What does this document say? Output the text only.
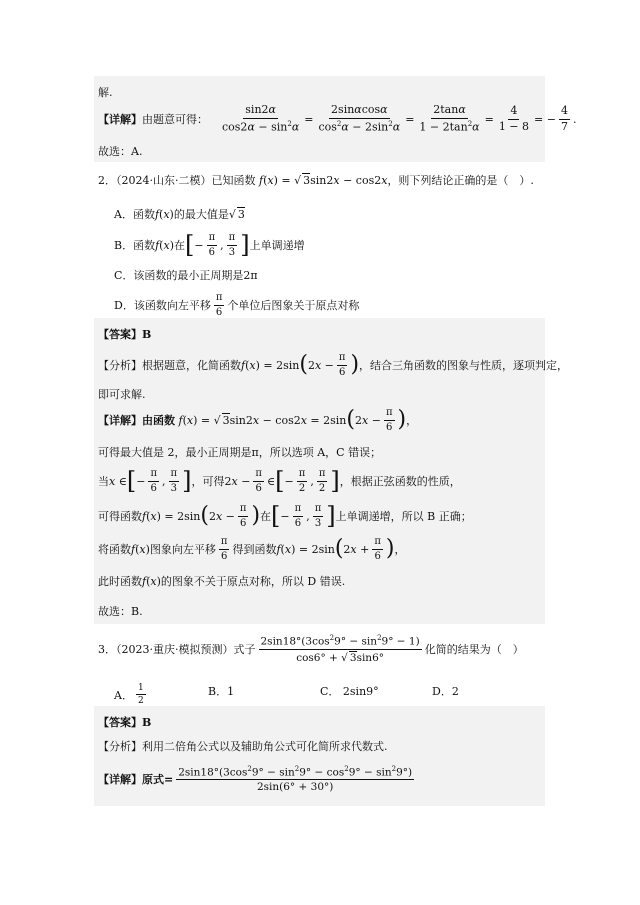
解.
【详解】 由题意可得： $\frac{\sin 2\alpha}{\cos 2\alpha - \sin^2\alpha} = \frac{2\sin\alpha\cos\alpha}{\cos^2\alpha - 2\sin^2\alpha} = \frac{2\tan\alpha}{1 - 2\tan^2\alpha} = \frac{4}{1 - 8}$ = − $\frac{4}{7}$ .
故选：A.
2．（2024·山东·二模）已知函数 f(x) = √ 3sin2x − cos2x ，则下列结论正确的是（　）.
A．函数 f(x) 的最大值是 √ 3
B．函数 f(x) 在 [ − $\frac{\pi}{6}$ , $\frac{\pi}{3}$ ] 上单调递增
C．该函数的最小正周期是2π
D．该函数向左平移 $\frac{\pi}{6}$ 个单位后图象关于原点对称
【答案】B
【分析】根据题意，化简函数 f(x) = 2sin ( $2x - \frac{\pi}{6}$ ) ，结合三角函数的图象与性质，逐项判定，
即可求解.
【详解】由函数 f(x) = √ 3sin2x − cos2x = 2sin ( $2x - \frac{\pi}{6}$ ) ，
可得最大值是 2，最小正周期是π，所以选项 A，C 错误；
当 x ∈ [ − $\frac{\pi}{6}$ , $\frac{\pi}{3}$ ] ，可得 $2x - \frac{\pi}{6}$ ∈ [ − $\frac{\pi}{2}$ , $\frac{\pi}{2}$ ] ，根据正弦函数的性质，
可得函数 f(x) = 2sin ( $2x - \frac{\pi}{6}$ ) 在 [ − $\frac{\pi}{6}$ , $\frac{\pi}{3}$ ] 上单调递增，所以 B 正确；
将函数 f(x) 图象向左平移 $\frac{\pi}{6}$ 得到函数 f(x) = 2sin ( $2x + \frac{\pi}{6}$ ) ，
此时函数 f(x) 的图象不关于原点对称，所以 D 错误.
故选：B.
3．（2023·重庆·模拟预测）式子 $\frac{2\sin 18^\circ(3\cos^29^\circ - \sin^29^\circ - 1)}{\cos 6^\circ + √ 3\sin 6^\circ}$ 化简的结果为（　）
A． $\frac{1}{2}$	B．1	C． 2sin9°	D．2
【答案】B
【分析】利用二倍角公式以及辅助角公式可化简所求代数式.
【详解】原式= $\frac{2\sin 18^\circ(3\cos^29^\circ - \sin^29^\circ - \cos^29^\circ - \sin^29^\circ)}{2\sin(6^\circ + 30^\circ)}$
